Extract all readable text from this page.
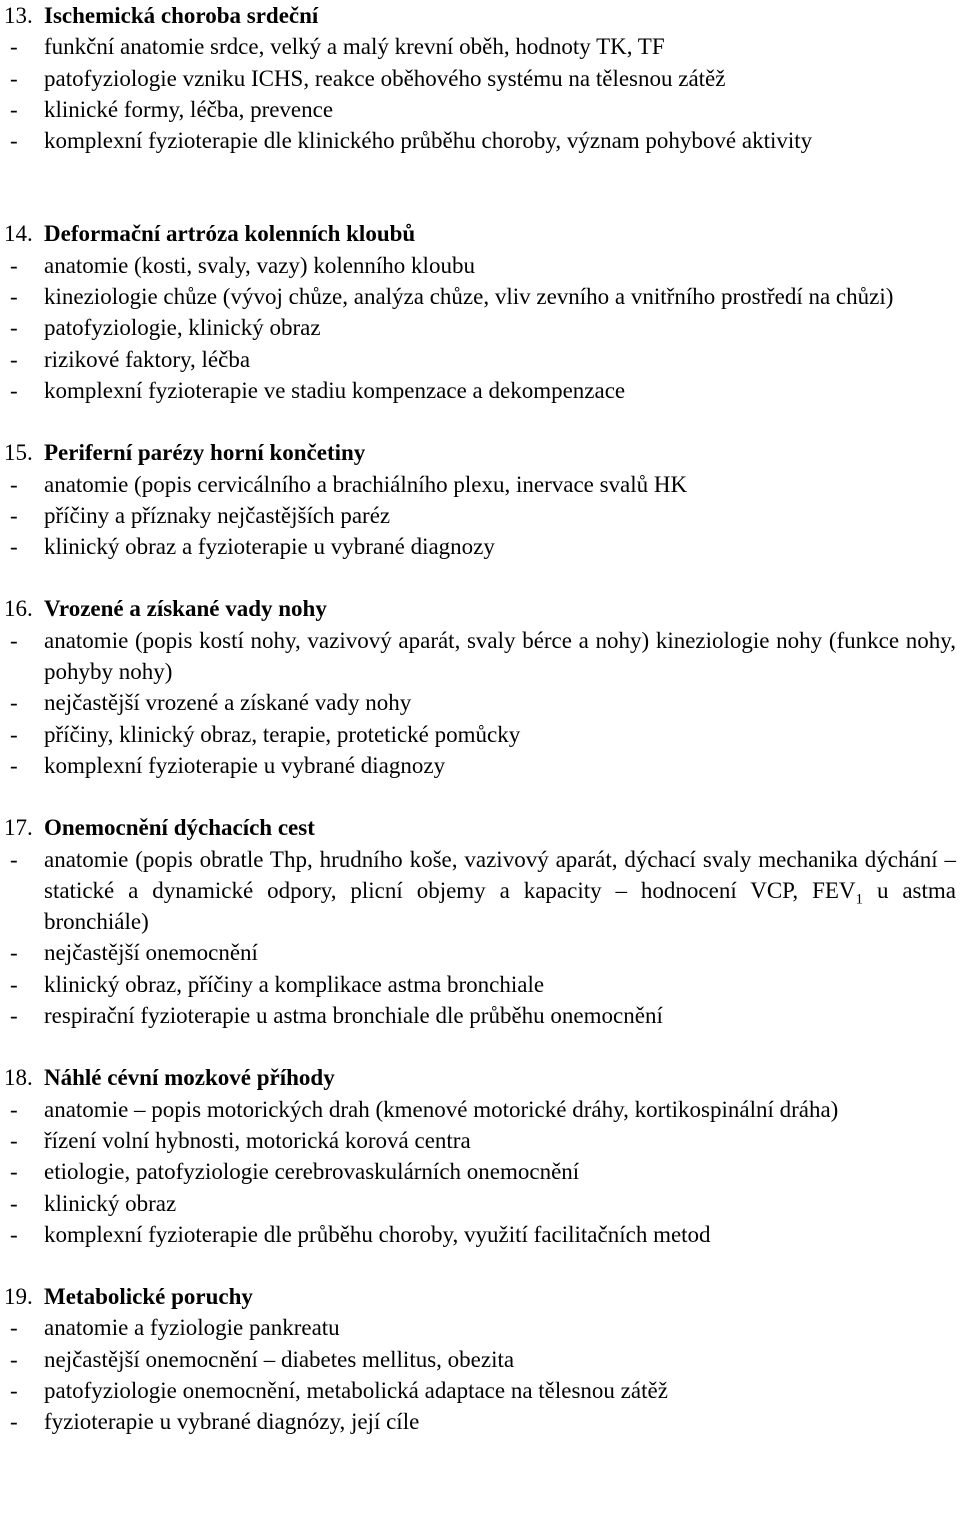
13. Ischemická choroba srdeční
-	funkční anatomie srdce, velký a malý krevní oběh, hodnoty TK, TF
-	patofyziologie vzniku ICHS, reakce oběhového systému na tělesnou zátěž
-	klinické formy, léčba, prevence
-	komplexní fyzioterapie dle klinického průběhu choroby, význam pohybové aktivity
14. Deformační artróza kolenních kloubů
-	anatomie (kosti, svaly, vazy) kolenního kloubu
-	kineziologie chůze (vývoj chůze, analýza chůze, vliv zevního a vnitřního prostředí na chůzi)
-	patofyziologie, klinický obraz
-	rizikové faktory, léčba
-	komplexní fyzioterapie ve stadiu kompenzace a dekompenzace
15. Periferní parézy horní končetiny
-	anatomie (popis cervicálního a brachiálního plexu, inervace svalů HK
-	příčiny a příznaky nejčastějších paréz
-	klinický obraz a fyzioterapie u vybrané diagnozy
16. Vrozené a získané vady nohy
-	anatomie (popis kostí nohy, vazivový aparát, svaly bérce a nohy) kineziologie nohy (funkce nohy, pohyby nohy)
-	nejčastější vrozené a získané vady nohy
-	příčiny, klinický obraz, terapie, protetické pomůcky
-	komplexní fyzioterapie u vybrané diagnozy
17. Onemocnění dýchacích cest
-	anatomie (popis obratle Thp, hrudního koše, vazivový aparát, dýchací svaly mechanika dýchání – statické a dynamické odpory, plicní objemy a kapacity – hodnocení VCP, $FEV_1$ u astma bronchiále)
-	nejčastější onemocnění
-	klinický obraz, příčiny a komplikace astma bronchiale
-	respirační fyzioterapie u astma bronchiale dle průběhu onemocnění
18. Náhlé cévní mozkové příhody
-	anatomie – popis motorických drah (kmenové motorické dráhy, kortikospinální dráha)
-	řízení volní hybnosti, motorická korová centra
-	etiologie, patofyziologie cerebrovaskulárních onemocnění
-	klinický obraz
-	komplexní fyzioterapie dle průběhu choroby, využití facilitačních metod
19. Metabolické poruchy
-	anatomie a fyziologie pankreatu
-	nejčastější onemocnění – diabetes mellitus, obezita
-	patofyziologie onemocnění, metabolická adaptace na tělesnou zátěž
-	fyzioterapie u vybrané diagnózy, její cíle
